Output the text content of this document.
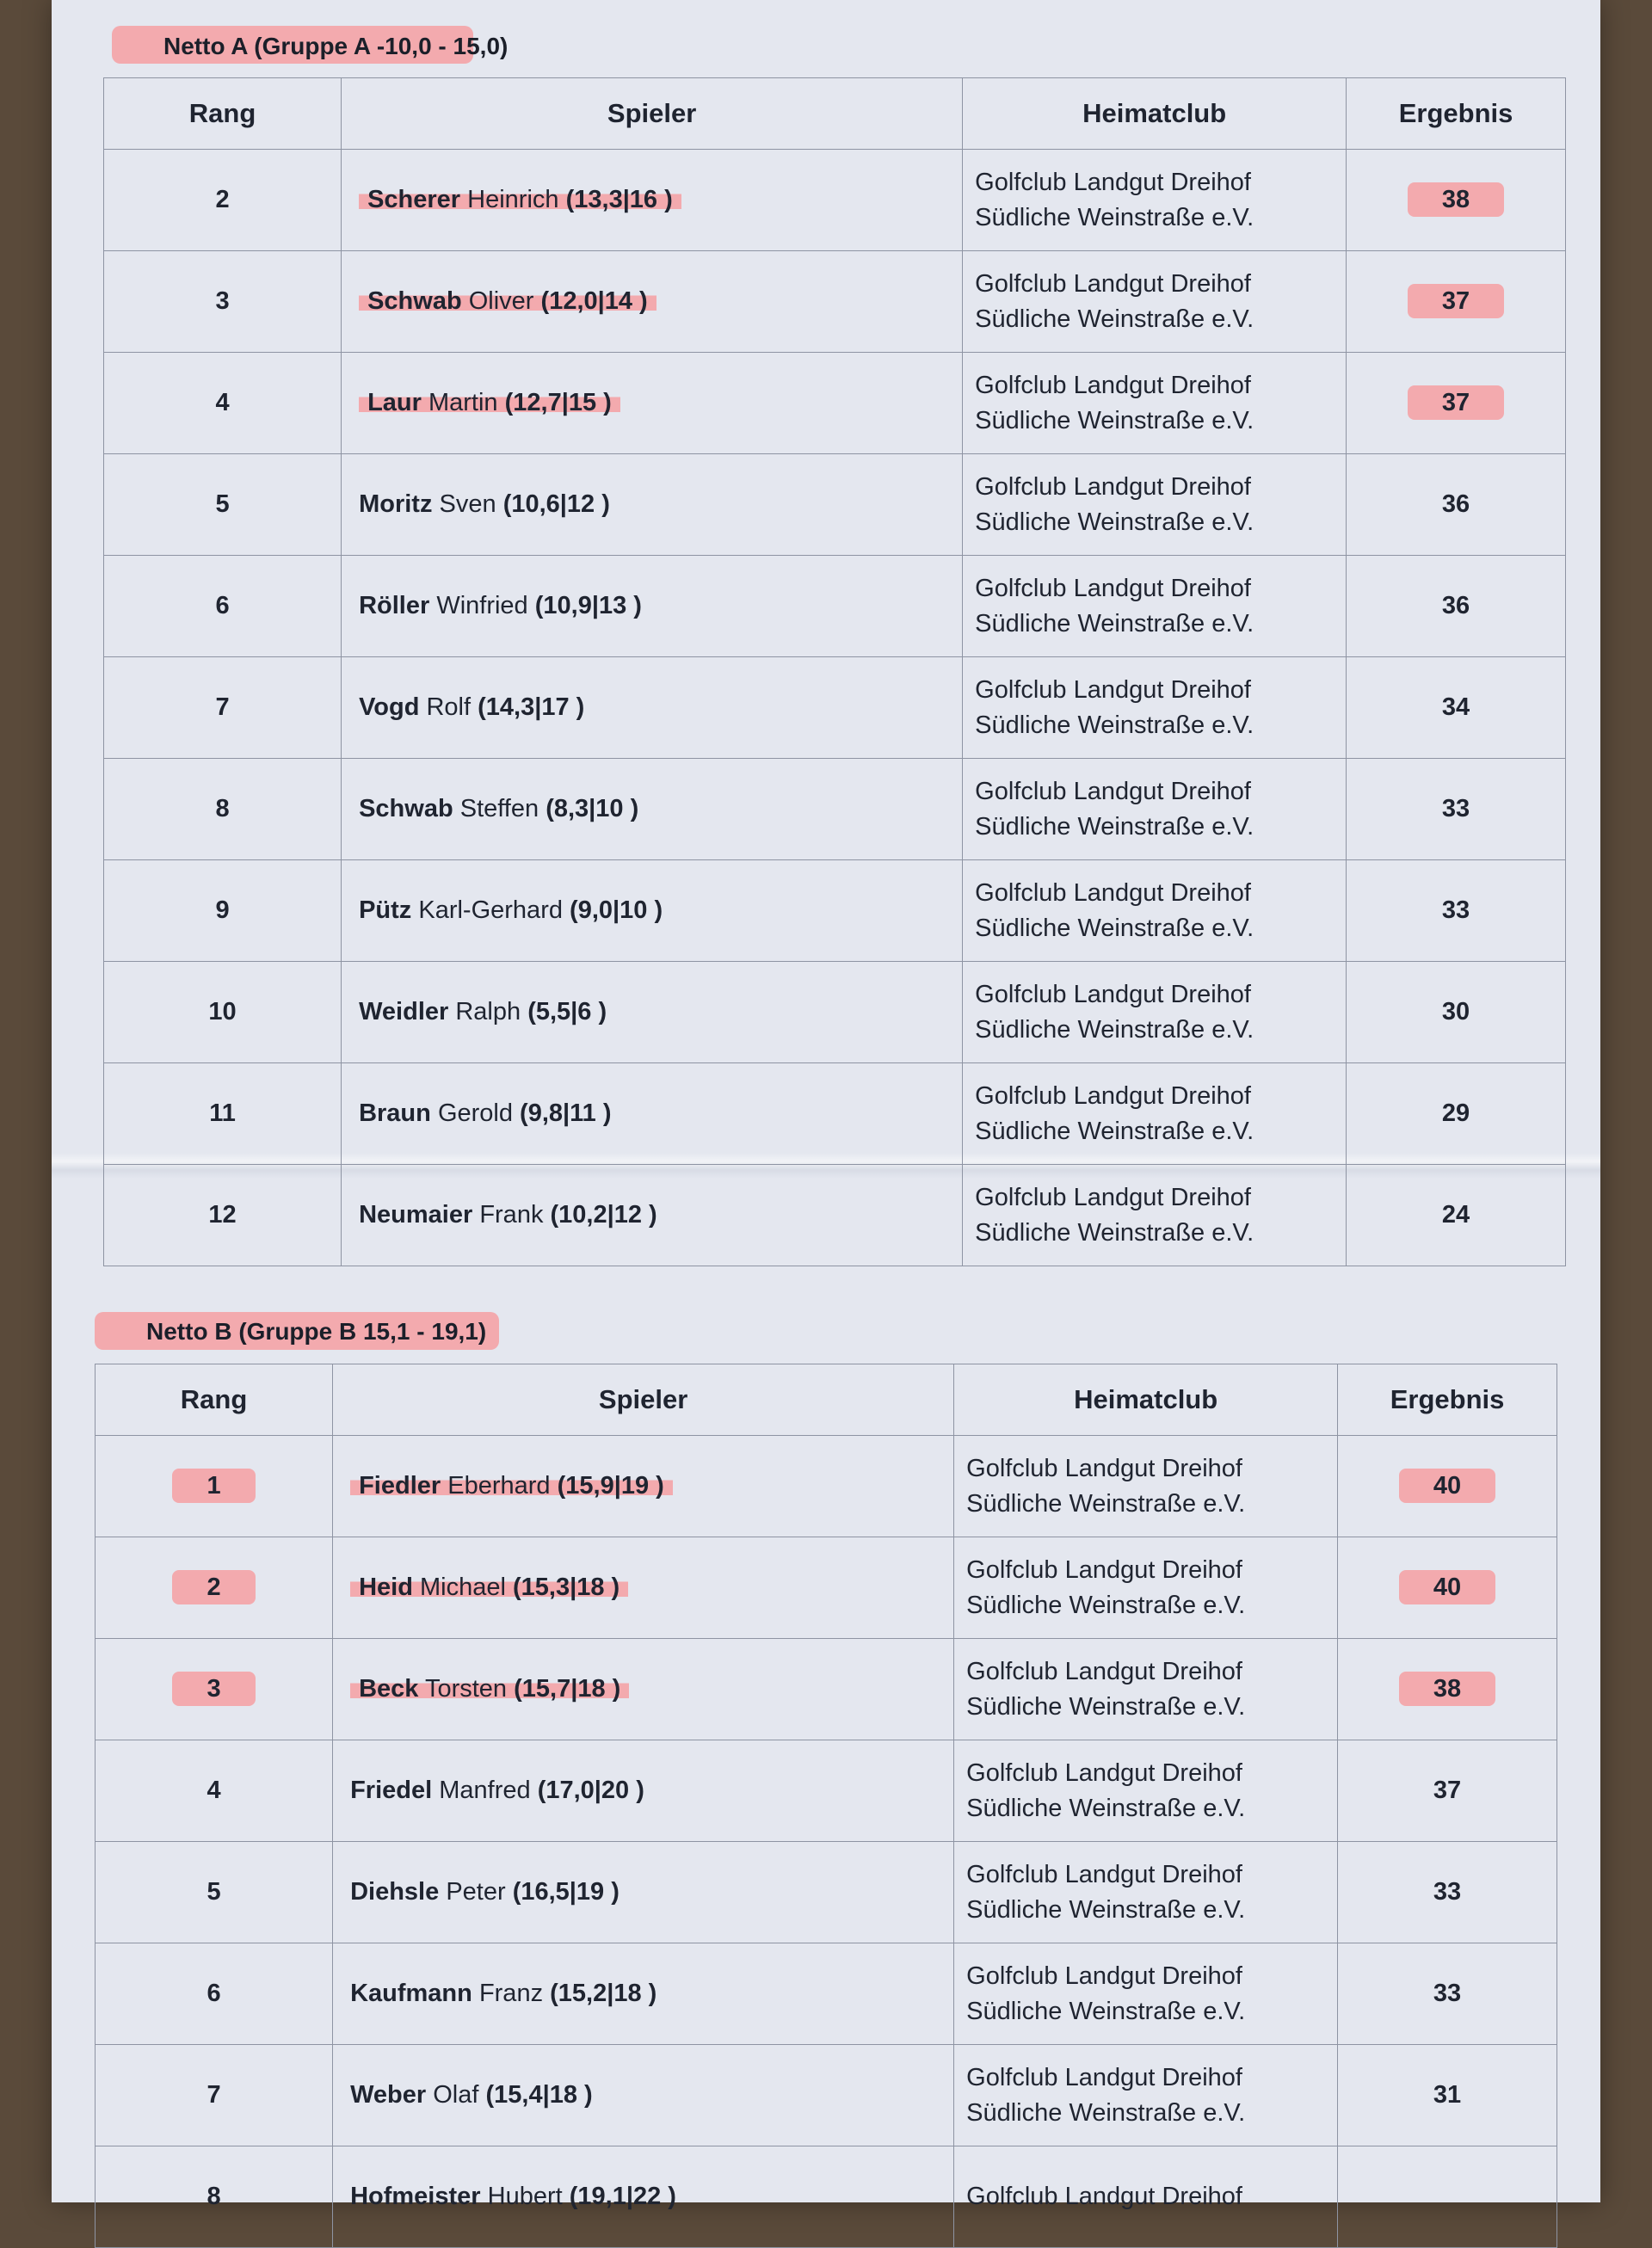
Netto A (Gruppe A -10,0 - 15,0)
Rang	Spieler	Heimatclub	Ergebnis
2	Scherer Heinrich (13,3|16 )	Golfclub Landgut Dreihof
Südliche Weinstraße e.V.	38
3	Schwab Oliver (12,0|14 )	Golfclub Landgut Dreihof
Südliche Weinstraße e.V.	37
4	Laur Martin (12,7|15 )	Golfclub Landgut Dreihof
Südliche Weinstraße e.V.	37
5	Moritz Sven (10,6|12 )	Golfclub Landgut Dreihof
Südliche Weinstraße e.V.	36
6	Röller Winfried (10,9|13 )	Golfclub Landgut Dreihof
Südliche Weinstraße e.V.	36
7	Vogd Rolf (14,3|17 )	Golfclub Landgut Dreihof
Südliche Weinstraße e.V.	34
8	Schwab Steffen (8,3|10 )	Golfclub Landgut Dreihof
Südliche Weinstraße e.V.	33
9	Pütz Karl-Gerhard (9,0|10 )	Golfclub Landgut Dreihof
Südliche Weinstraße e.V.	33
10	Weidler Ralph (5,5|6 )	Golfclub Landgut Dreihof
Südliche Weinstraße e.V.	30
11	Braun Gerold (9,8|11 )	Golfclub Landgut Dreihof
Südliche Weinstraße e.V.	29
12	Neumaier Frank (10,2|12 )	Golfclub Landgut Dreihof
Südliche Weinstraße e.V.	24
Netto B (Gruppe B 15,1 - 19,1)
Rang	Spieler	Heimatclub	Ergebnis
1	Fiedler Eberhard (15,9|19 )	Golfclub Landgut Dreihof
Südliche Weinstraße e.V.	40
2	Heid Michael (15,3|18 )	Golfclub Landgut Dreihof
Südliche Weinstraße e.V.	40
3	Beck Torsten (15,7|18 )	Golfclub Landgut Dreihof
Südliche Weinstraße e.V.	38
4	Friedel Manfred (17,0|20 )	Golfclub Landgut Dreihof
Südliche Weinstraße e.V.	37
5	Diehsle Peter (16,5|19 )	Golfclub Landgut Dreihof
Südliche Weinstraße e.V.	33
6	Kaufmann Franz (15,2|18 )	Golfclub Landgut Dreihof
Südliche Weinstraße e.V.	33
7	Weber Olaf (15,4|18 )	Golfclub Landgut Dreihof
Südliche Weinstraße e.V.	31
8	Hofmeister Hubert (19,1|22 )	Golfclub Landgut Dreihof	
